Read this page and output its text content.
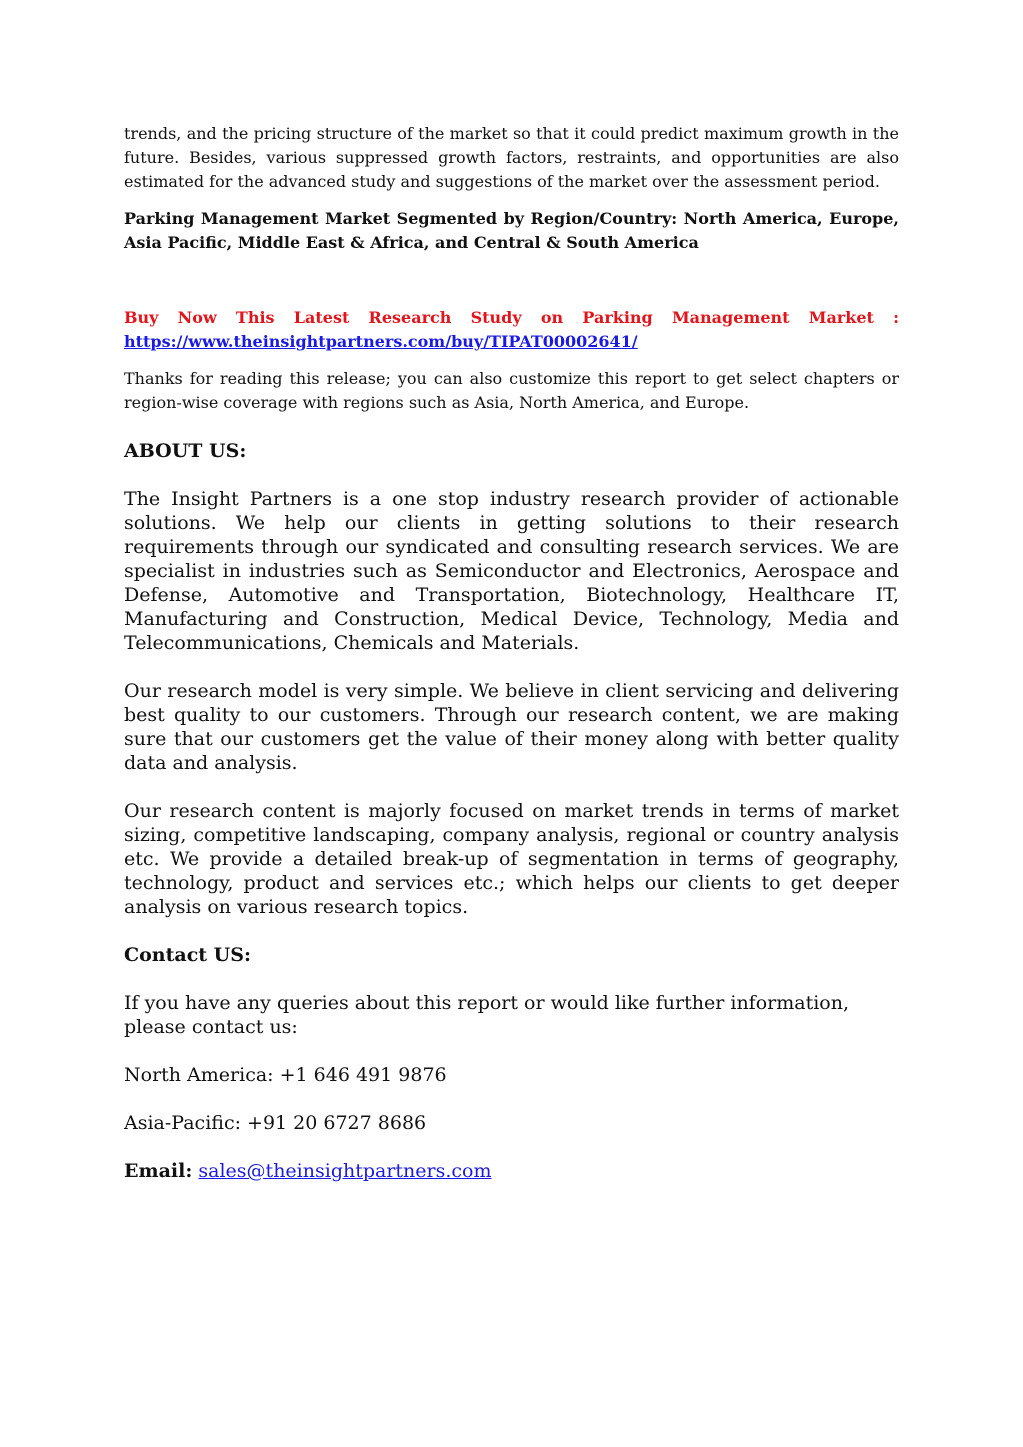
trends, and the pricing structure of the market so that it could predict maximum growth in the future. Besides, various suppressed growth factors, restraints, and opportunities are also estimated for the advanced study and suggestions of the market over the assessment period.

Parking Management Market Segmented by Region/Country: North America, Europe, Asia Pacific, Middle East & Africa, and Central & South America

Buy Now This Latest Research Study on Parking Management Market :

https://www.theinsightpartners.com/buy/TIPAT00002641/

Thanks for reading this release; you can also customize this report to get select chapters or region-wise coverage with regions such as Asia, North America, and Europe.

ABOUT US:

The Insight Partners is a one stop industry research provider of actionable solutions. We help our clients in getting solutions to their research requirements through our syndicated and consulting research services. We are specialist in industries such as Semiconductor and Electronics, Aerospace and Defense, Automotive and Transportation, Biotechnology, Healthcare IT, Manufacturing and Construction, Medical Device, Technology, Media and Telecommunications, Chemicals and Materials.

Our research model is very simple. We believe in client servicing and delivering best quality to our customers. Through our research content, we are making sure that our customers get the value of their money along with better quality data and analysis.

Our research content is majorly focused on market trends in terms of market sizing, competitive landscaping, company analysis, regional or country analysis etc. We provide a detailed break-up of segmentation in terms of geography, technology, product and services etc.; which helps our clients to get deeper analysis on various research topics.

Contact US:

If you have any queries about this report or would like further information, please contact us:

North America: +1 646 491 9876

Asia-Pacific: +91 20 6727 8686

Email: sales@theinsightpartners.com
